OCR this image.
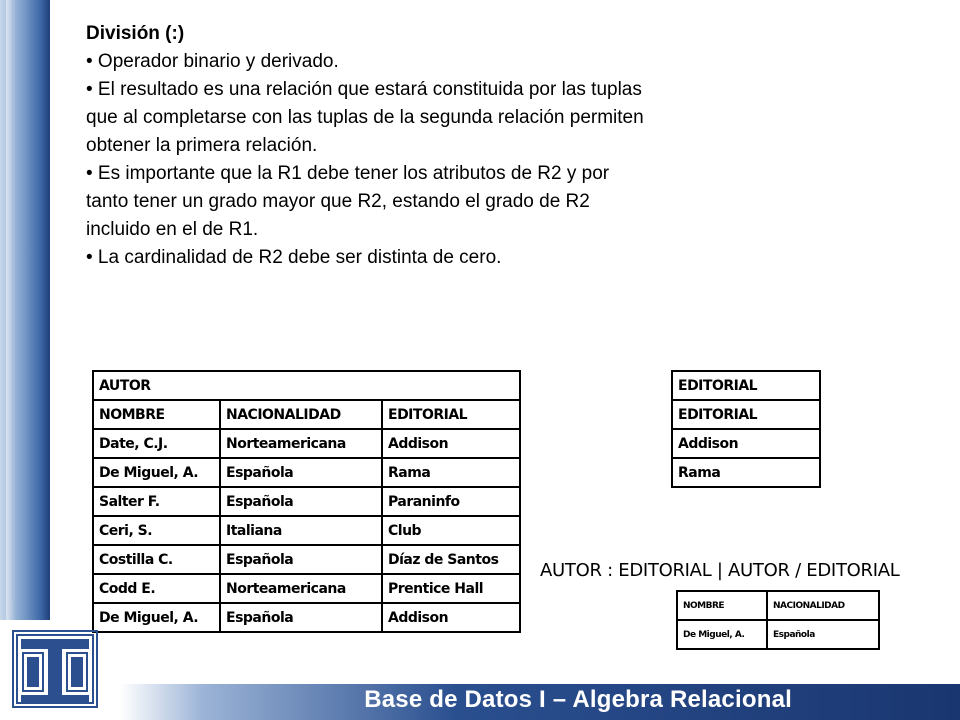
División (:)

• Operador binario y derivado.

• El resultado es una relación que estará constituida por las tuplas que al completarse con las tuplas de la segunda relación permiten obtener la primera relación.

• Es importante que la R1 debe tener los atributos de R2 y por tanto tener un grado mayor que R2, estando el grado de R2 incluido en el de R1.

• La cardinalidad de R2 debe ser distinta de cero.

AUTOR		
NOMBRE	NACIONALIDAD	EDITORIAL
Date, C.J.	Norteamericana	Addison
De Miguel, A.	Española	Rama
Salter F.	Española	Paraninfo
Ceri, S.	Italiana	Club
Costilla C.	Española	Díaz de Santos
Codd E.	Norteamericana	Prentice Hall
De Miguel, A.	Española	Addison
EDITORIAL
EDITORIAL
Addison
Rama
AUTOR : EDITORIAL | AUTOR / EDITORIAL
NOMBRE	NACIONALIDAD
De Miguel, A.	Española
Base de Datos I – Algebra Relacional
